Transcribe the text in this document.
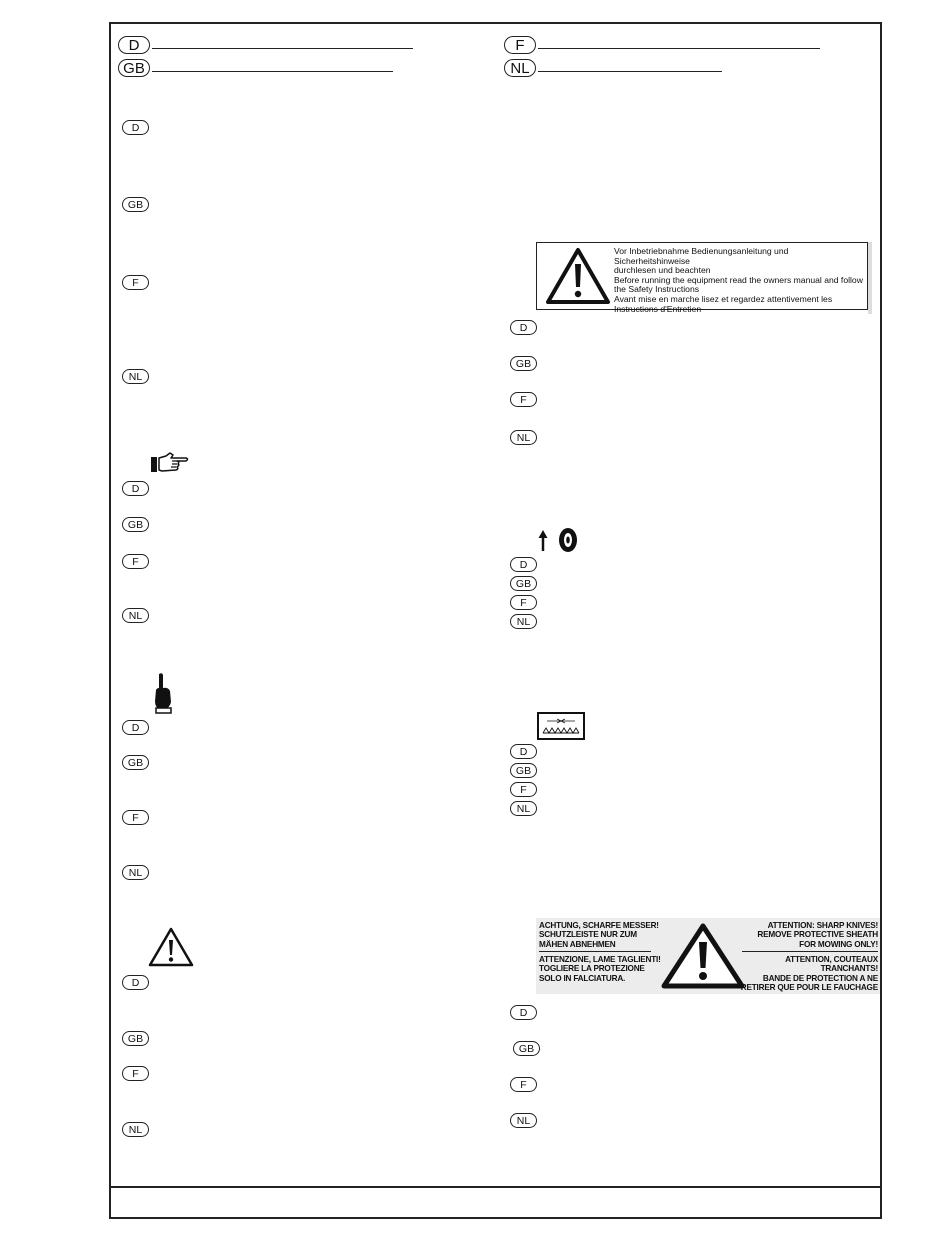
D
GB
F
NL
D
GB
F
NL
D
GB
F
NL
D
GB
F
NL
D
GB
F
NL
Vor Inbetriebnahme Bedienungsanleitung und Sicherheitshinweise
durchlesen und beachten
Before running the equipment read the owners manual and follow
the Safety Instructions
Avant mise en marche lisez et regardez attentivement les
Instructions d'Entretien
D
GB
F
NL
D
GB
F
NL
D
GB
F
NL
ACHTUNG, SCHARFE MESSER!
SCHUTZLEISTE NUR ZUM
MÄHEN ABNEHMEN
ATTENZIONE, LAME TAGLIENTI!
TOGLIERE LA PROTEZIONE
SOLO IN FALCIATURA.
ATTENTION: SHARP KNIVES!
REMOVE PROTECTIVE SHEATH
FOR MOWING ONLY!
ATTENTION, COUTEAUX TRANCHANTS!
BANDE DE PROTECTION A NE
RETIRER QUE POUR LE FAUCHAGE
D
GB
F
NL
